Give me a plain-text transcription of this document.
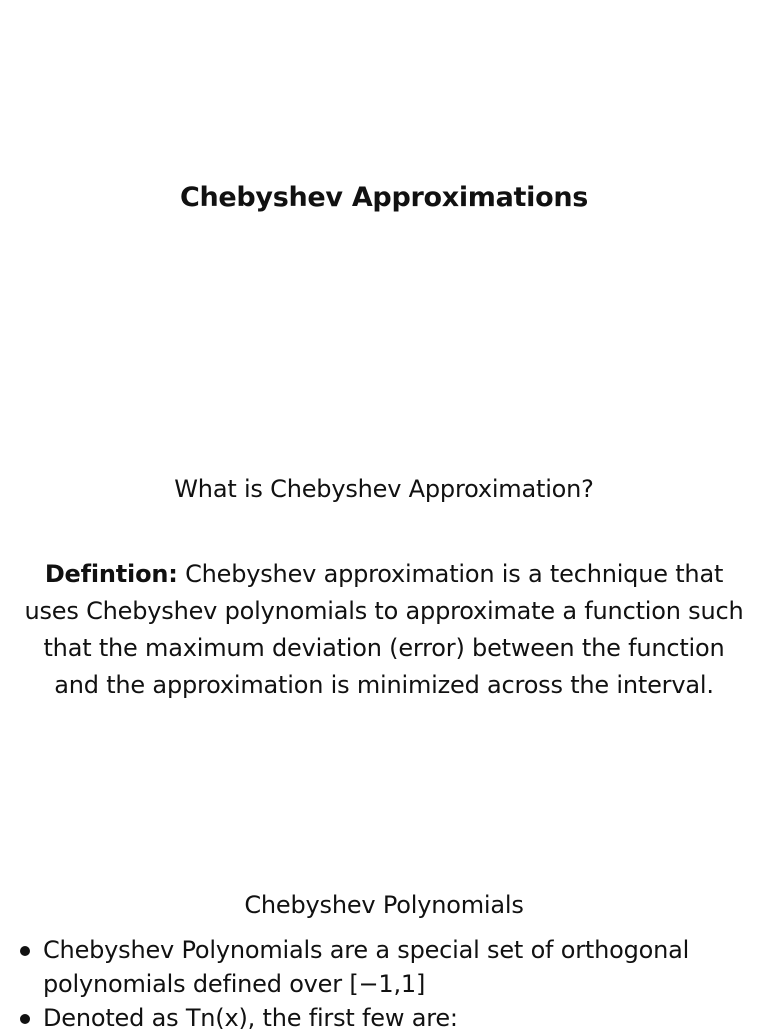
Chebyshev Approximations
What is Chebyshev Approximation?

Defintion: Chebyshev approximation is a technique that uses Chebyshev polynomials to approximate a function such that the maximum deviation (error) between the function and the approximation is minimized across the interval.

Chebyshev Polynomials
Chebyshev Polynomials are a special set of orthogonal polynomials defined over [−1,1]
Denoted as Tn(x), the first few are:
